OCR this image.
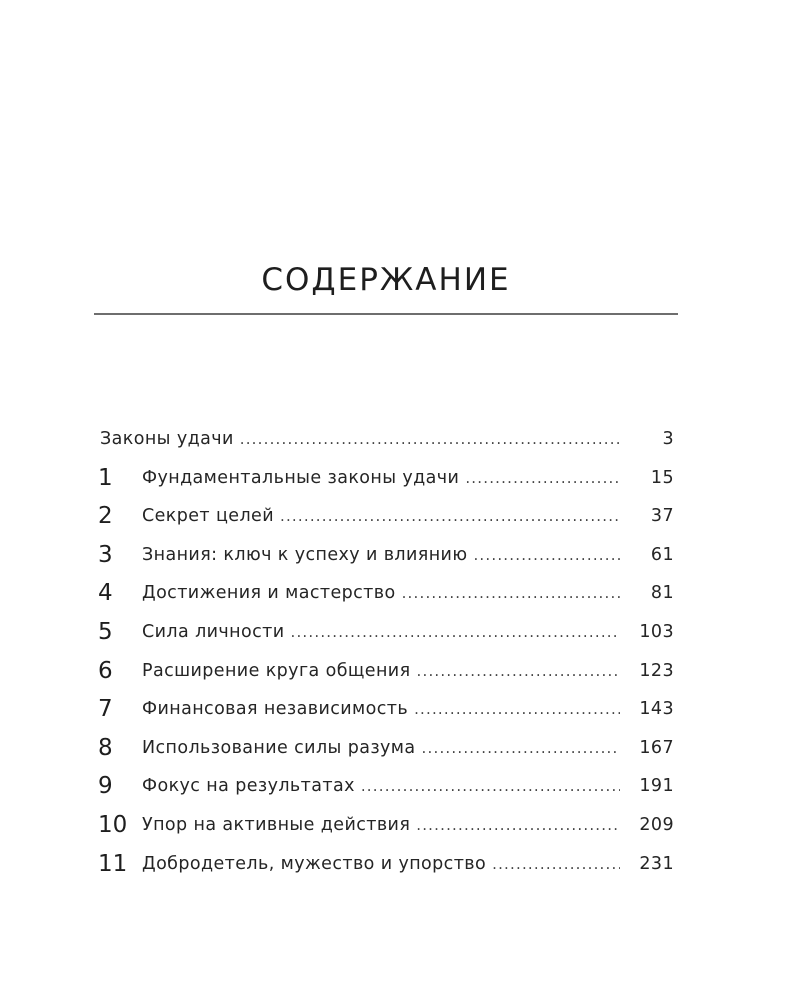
СОДЕРЖАНИЕ
Законы удачи .....	3
1 Фундаментальные законы удачи .....	15
2 Секрет целей .....	37
3 Знания: ключ к успеху и влиянию .....	61
4 Достижения и мастерство .....	81
5 Сила личности .....	103
6 Расширение круга общения .....	123
7 Финансовая независимость .....	143
8 Использование силы разума .....	167
9 Фокус на результатах .....	191
10 Упор на активные действия .....	209
11 Добродетель, мужество и упорство .....	231
